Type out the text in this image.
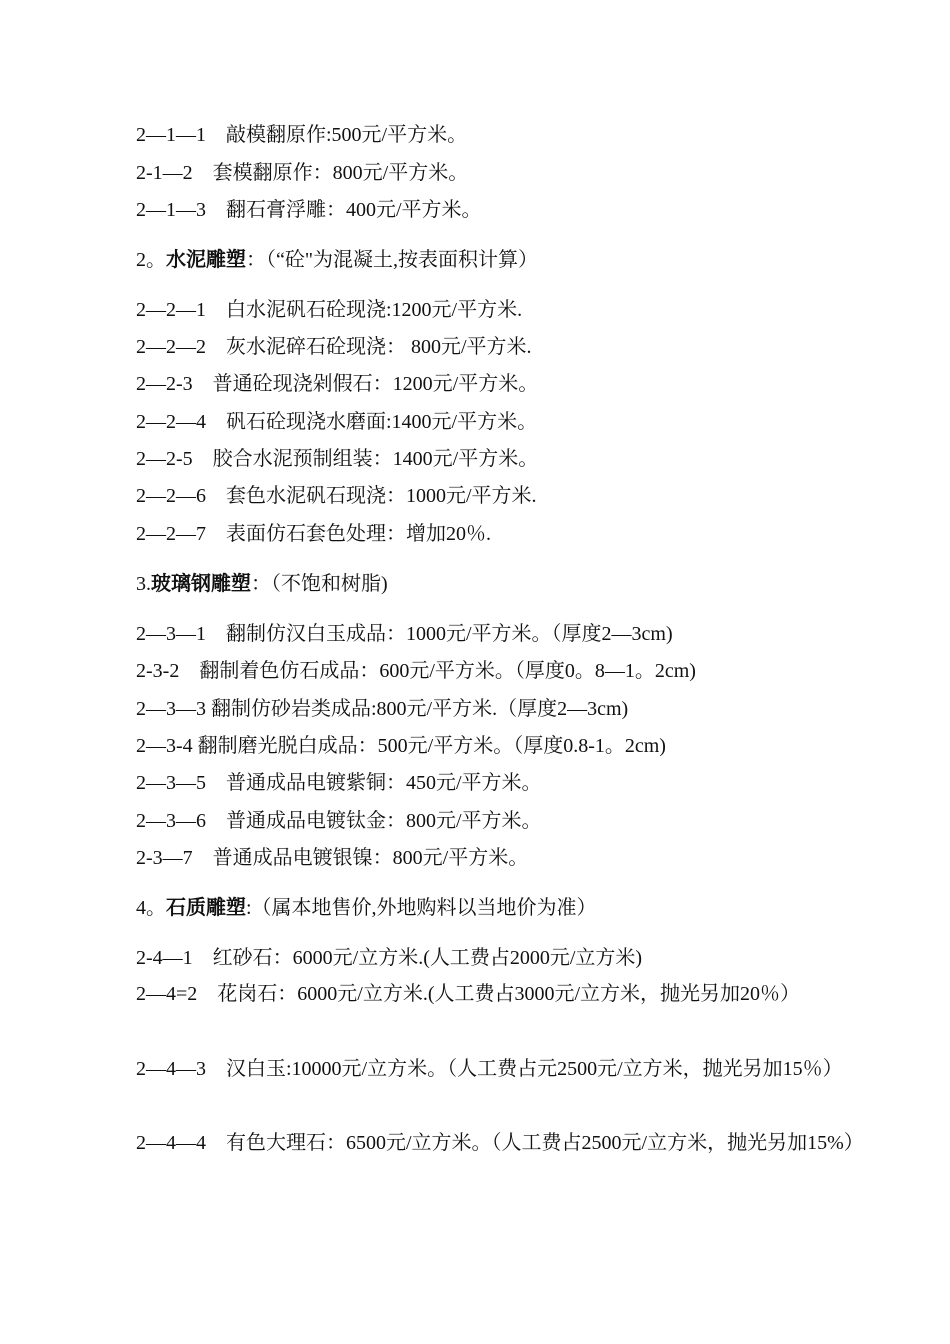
2—1—1　敲模翻原作:500元/平方米。
2-1—2　套模翻原作：800元/平方米。
2—1—3　翻石膏浮雕：400元/平方米。
2。水泥雕塑：（“砼"为混凝土,按表面积计算）
2—2—1　白水泥矾石砼现浇:1200元/平方米.
2—2—2　灰水泥碎石砼现浇： 800元/平方米.
2—2-3　普通砼现浇剁假石：1200元/平方米。
2—2—4　矾石砼现浇水磨面:1400元/平方米。
2—2-5　胶合水泥预制组装：1400元/平方米。
2—2—6　套色水泥矾石现浇：1000元/平方米.
2—2—7　表面仿石套色处理：增加20％.
3.玻璃钢雕塑：（不饱和树脂)
2—3—1　翻制仿汉白玉成品：1000元/平方米。（厚度2—3cm)
2-3-2　翻制着色仿石成品：600元/平方米。（厚度0。8—1。2cm)
2—3—3 翻制仿砂岩类成品:800元/平方米.（厚度2—3cm)
2—3-4 翻制磨光脱白成品：500元/平方米。（厚度0.8-1。2cm)
2—3—5　普通成品电镀紫铜：450元/平方米。
2—3—6　普通成品电镀钛金：800元/平方米。
2-3—7　普通成品电镀银镍：800元/平方米。
4。石质雕塑:（属本地售价,外地购料以当地价为准）
2-4—1　红砂石：6000元/立方米.(人工费占2000元/立方米)
2—4=2　花岗石：6000元/立方米.(人工费占3000元/立方米，抛光另加20％）
2—4—3　汉白玉:10000元/立方米。（人工费占元2500元/立方米，抛光另加15％）
2—4—4　有色大理石：6500元/立方米。（人工费占2500元/立方米，抛光另加15%）
